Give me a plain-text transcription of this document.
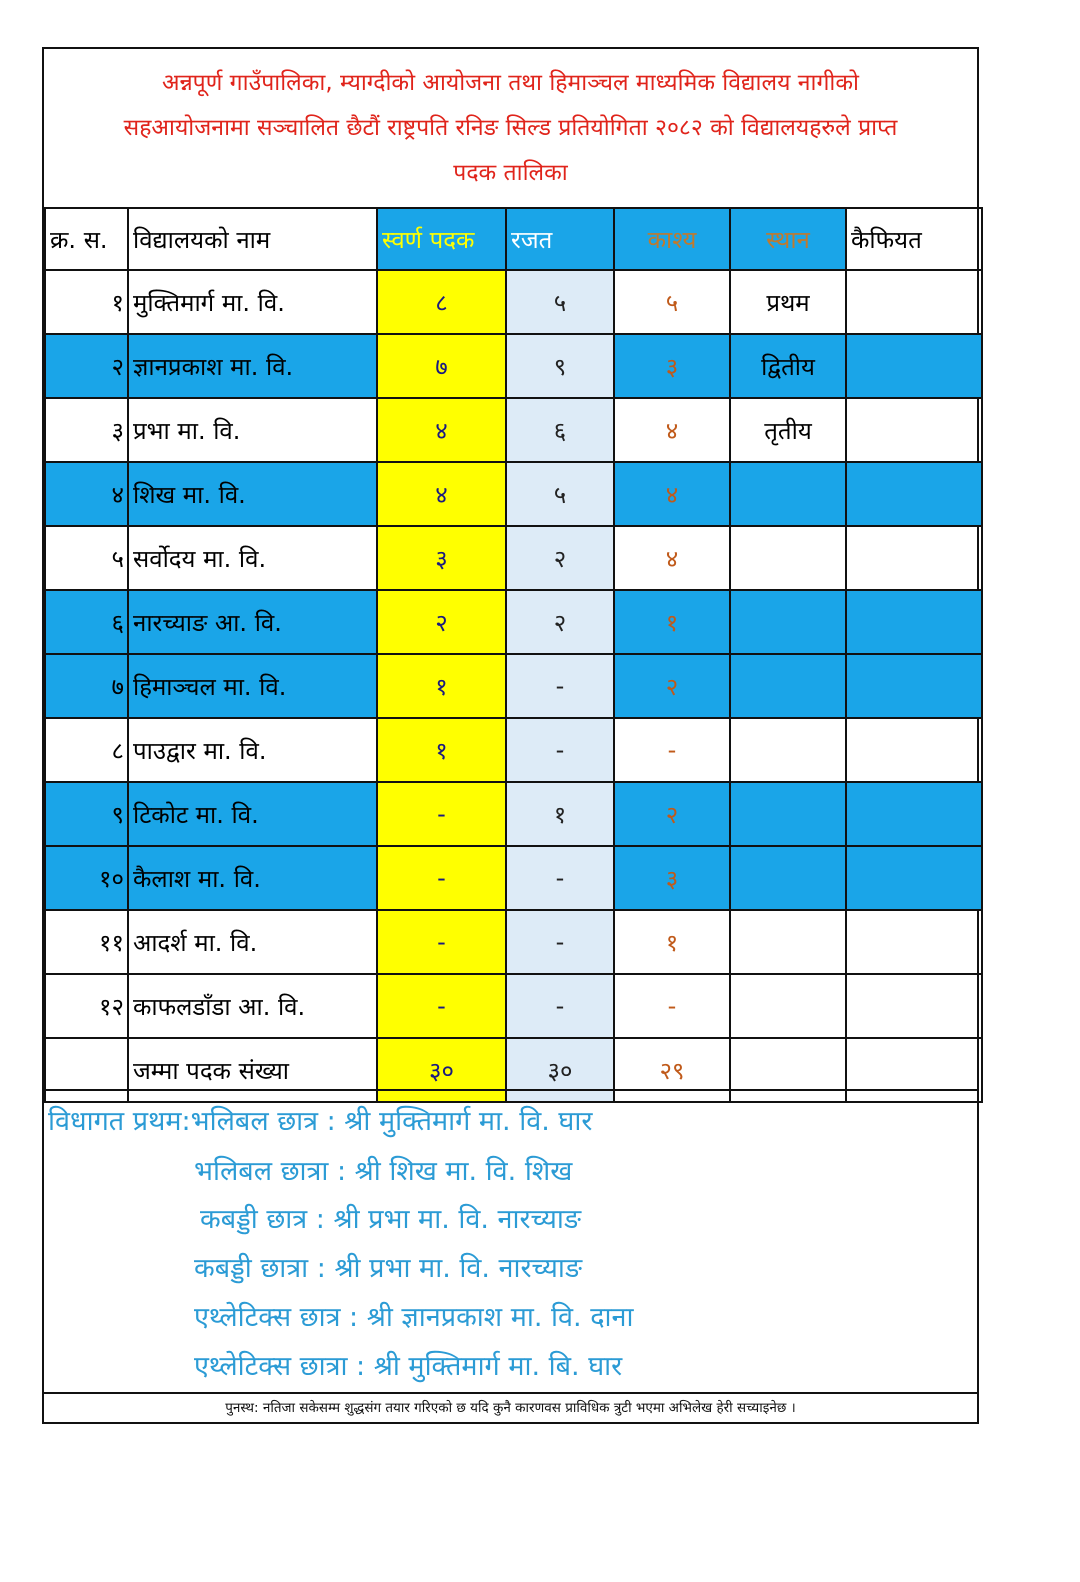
अन्नपूर्ण गाउँपालिका, म्याग्दीको आयोजना तथा हिमाञ्चल माध्यमिक विद्यालय नागीको
सहआयोजनामा सञ्चालित छैटौं राष्ट्रपति रनिङ सिल्ड प्रतियोगिता २०८२ को विद्यालयहरुले प्राप्त
पदक तालिका
क्र. स.	विद्यालयको नाम	स्वर्ण पदक	रजत	काश्य	स्थान	कैफियत
१	मुक्तिमार्ग मा. वि.	८	५	५	प्रथम	
२	ज्ञानप्रकाश मा. वि.	७	९	३	द्वितीय	
३	प्रभा मा. वि.	४	६	४	तृतीय	
४	शिख मा. वि.	४	५	४		
५	सर्वोदय मा. वि.	३	२	४		
६	नारच्याङ आ. वि.	२	२	१		
७	हिमाञ्चल मा. वि.	१	-	२		
८	पाउद्वार मा. वि.	१	-	-		
९	टिकोट मा. वि.	-	१	२		
१०	कैलाश मा. वि.	-	-	३		
११	आदर्श मा. वि.	-	-	१		
१२	काफलडाँडा आ. वि.	-	-	-		
	जम्मा पदक संख्या	३०	३०	२९		
विधागत प्रथम:भलिबल छात्र : श्री मुक्तिमार्ग मा. वि. घार
भलिबल छात्रा : श्री शिख मा. वि. शिख
कबड्डी छात्र : श्री प्रभा मा. वि. नारच्याङ
कबड्डी छात्रा : श्री प्रभा मा. वि. नारच्याङ
एथ्लेटिक्स छात्र : श्री ज्ञानप्रकाश मा. वि. दाना
एथ्लेटिक्स छात्रा : श्री मुक्तिमार्ग मा. बि. घार
पुनस्थ: नतिजा सकेसम्म शुद्धसंग तयार गरिएको छ यदि कुनै कारणवस प्राविधिक त्रुटी भएमा अभिलेख हेरी सच्याइनेछ ।
